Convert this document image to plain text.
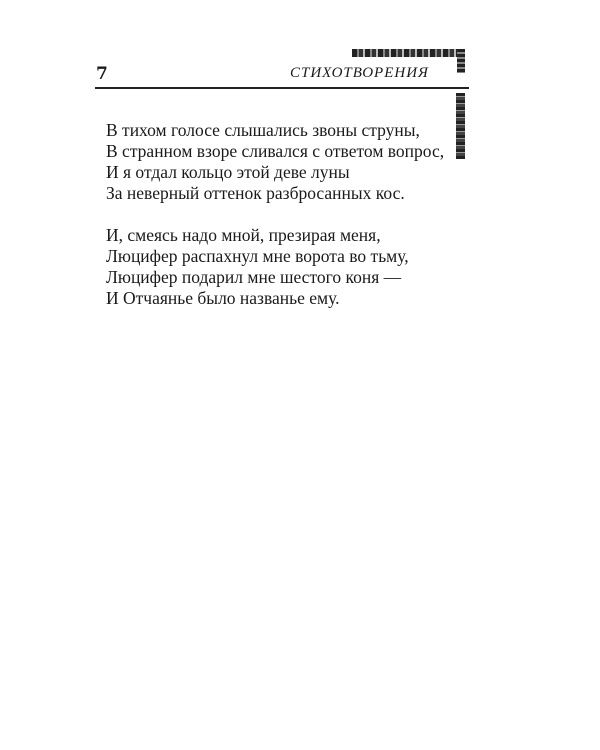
7	СТИХОТВОРЕНИЯ
В тихом голосе слышались звоны струны,
В странном взоре сливался с ответом вопрос,
И я отдал кольцо этой деве луны
За неверный оттенок разбросанных кос.
И, смеясь надо мной, презирая меня,
Люцифер распахнул мне ворота во тьму,
Люцифер подарил мне шестого коня —
И Отчаянье было названье ему.
